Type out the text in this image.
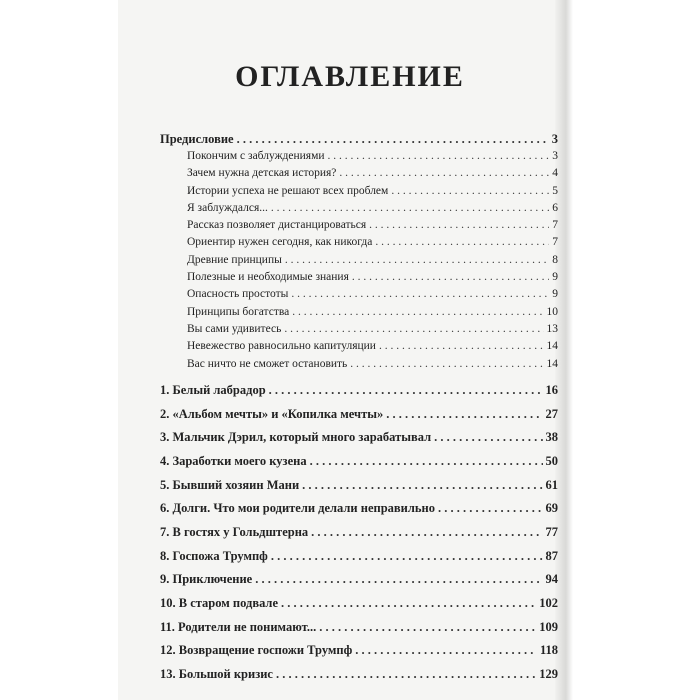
ОГЛАВЛЕНИЕ
Предисловие . . .	3
Покончим с заблуждениями . . .	3
Зачем нужна детская история? . . .	4
Истории успеха не решают всех проблем . . .	5
Я заблуждался... . . .	6
Рассказ позволяет дистанцироваться . . .	7
Ориентир нужен сегодня, как никогда . . .	7
Древние принципы . . .	8
Полезные и необходимые знания . . .	9
Опасность простоты . . .	9
Принципы богатства . . .	10
Вы сами удивитесь . . .	13
Невежество равносильно капитуляции . . .	14
Вас ничто не сможет остановить . . .	14
1. Белый лабрадор . . .	16
2. «Альбом мечты» и «Копилка мечты» . . .	27
3. Мальчик Дэрил, который много зарабатывал . . .	38
4. Заработки моего кузена . . .	50
5. Бывший хозяин Мани . . .	61
6. Долги. Что мои родители делали неправильно . . .	69
7. В гостях у Гольдштерна . . .	77
8. Госпожа Трумпф . . .	87
9. Приключение . . .	94
10. В старом подвале . . .	102
11. Родители не понимают... . . .	109
12. Возвращение госпожи Трумпф . . .	118
13. Большой кризис . . .	129
